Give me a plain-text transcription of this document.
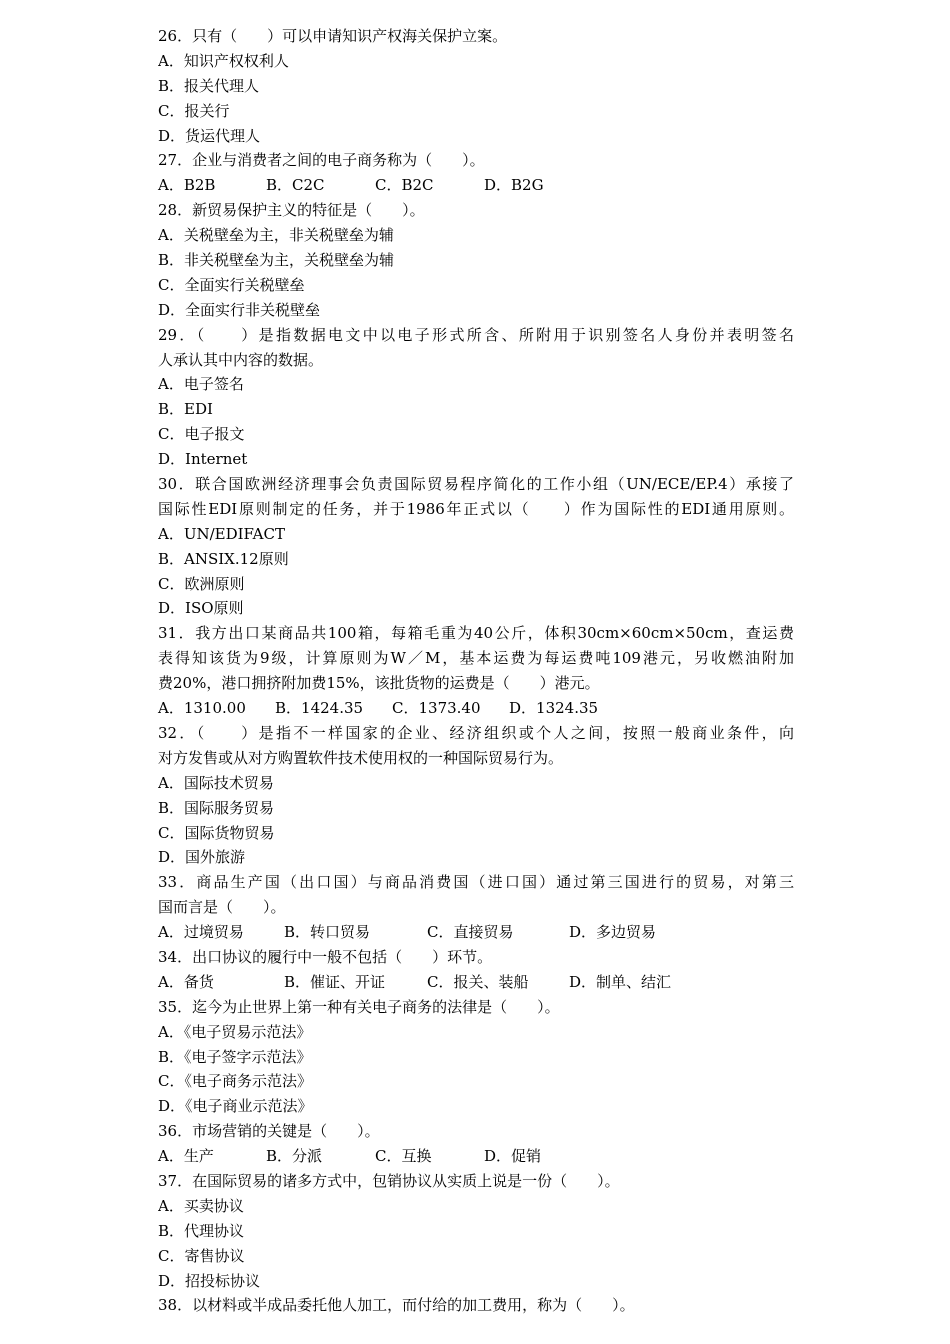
26．只有（　　）可以申请知识产权海关保护立案。
A．知识产权权利人
B．报关代理人
C．报关行
D．货运代理人
27．企业与消费者之间的电子商务称为（　　）。
A．B2B	B．C2C	C．B2C	D．B2G
28．新贸易保护主义的特征是（　　）。
A．关税壁垒为主，非关税壁垒为辅
B．非关税壁垒为主，关税壁垒为辅
C．全面实行关税壁垒
D．全面实行非关税壁垒
29．（　　）是指数据电文中以电子形式所含、所附用于识别签名人身份并表明签名
人承认其中内容的数据。
A．电子签名
B．EDI
C．电子报文
D．Internet
30．联合国欧洲经济理事会负责国际贸易程序简化的工作小组（UN/ECE/EP.4）承接了
国际性EDI原则制定的任务，并于1986年正式以（　　）作为国际性的EDI通用原则。
A．UN/EDIFACT
B．ANSIX.12原则
C．欧洲原则
D．ISO原则
31．我方出口某商品共100箱，每箱毛重为40公斤，体积30cm×60cm×50cm，查运费
表得知该货为9级，计算原则为W／M，基本运费为每运费吨109港元，另收燃油附加
费20%，港口拥挤附加费15%，该批货物的运费是（　　）港元。
A．1310.00	B．1424.35	C．1373.40	D．1324.35
32．（　　）是指不一样国家的企业、经济组织或个人之间，按照一般商业条件，向
对方发售或从对方购置软件技术使用权的一种国际贸易行为。
A．国际技术贸易
B．国际服务贸易
C．国际货物贸易
D．国外旅游
33．商品生产国（出口国）与商品消费国（进口国）通过第三国进行的贸易，对第三
国而言是（　　）。
A．过境贸易	B．转口贸易	C．直接贸易	D．多边贸易
34．出口协议的履行中一般不包括（　　）环节。
A．备货	B．催证、开证	C．报关、装船	D．制单、结汇
35．迄今为止世界上第一种有关电子商务的法律是（　　）。
A．《电子贸易示范法》
B．《电子签字示范法》
C．《电子商务示范法》
D．《电子商业示范法》
36．市场营销的关键是（　　）。
A．生产	B．分派	C．互换	D．促销
37．在国际贸易的诸多方式中，包销协议从实质上说是一份（　　）。
A．买卖协议
B．代理协议
C．寄售协议
D．招投标协议
38．以材料或半成品委托他人加工，而付给的加工费用，称为（　　）。
